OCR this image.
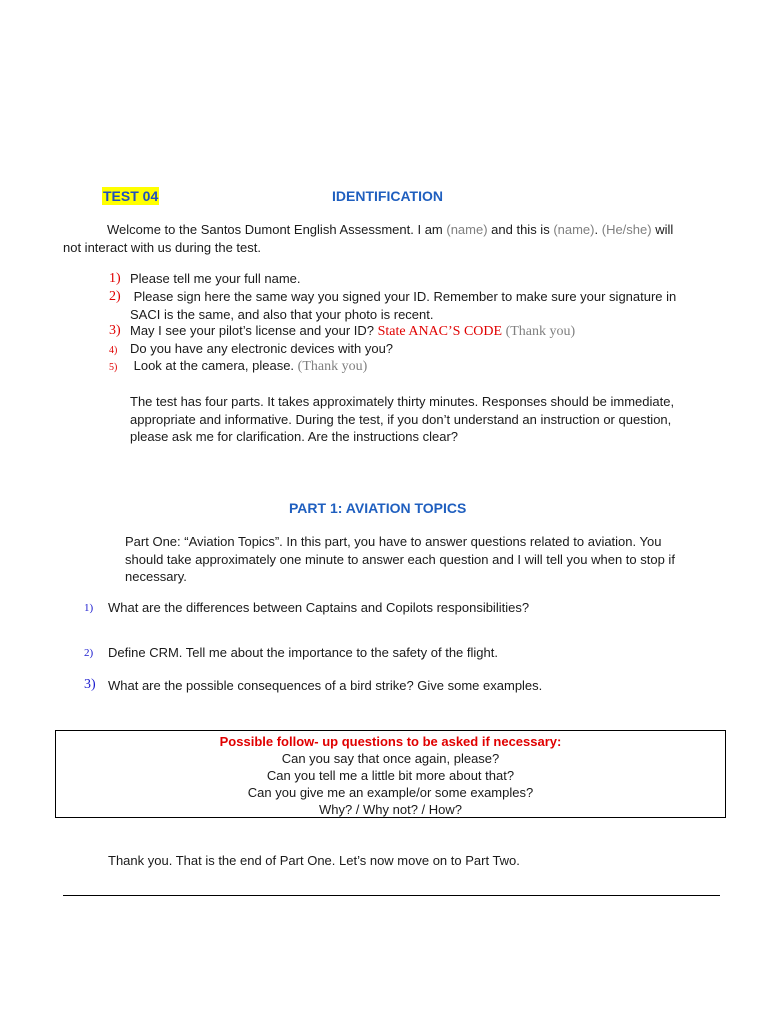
TEST 04	IDENTIFICATION
Welcome to the Santos Dumont English Assessment. I am (name) and this is (name). (He/she) will
not interact with us during the test.
1) Please tell me your full name.
2) Please sign here the same way you signed your ID. Remember to make sure your signature in
SACI is the same, and also that your photo is recent.
3) May I see your pilot’s license and your ID? State ANAC’S CODE (Thank you)
4) Do you have any electronic devices with you?
5) Look at the camera, please. (Thank you)
The test has four parts. It takes approximately thirty minutes. Responses should be immediate,
appropriate and informative. During the test, if you don’t understand an instruction or question,
please ask me for clarification. Are the instructions clear?
PART 1: AVIATION TOPICS
Part One: “Aviation Topics”. In this part, you have to answer questions related to aviation. You
should take approximately one minute to answer each question and I will tell you when to stop if
necessary.
1) What are the differences between Captains and Copilots responsibilities?
2) Define CRM. Tell me about the importance to the safety of the flight.
3) What are the possible consequences of a bird strike? Give some examples.
Possible follow- up questions to be asked if necessary:
Can you say that once again, please?
Can you tell me a little bit more about that?
Can you give me an example/or some examples?
Why? / Why not? / How?
Thank you. That is the end of Part One. Let’s now move on to Part Two.
